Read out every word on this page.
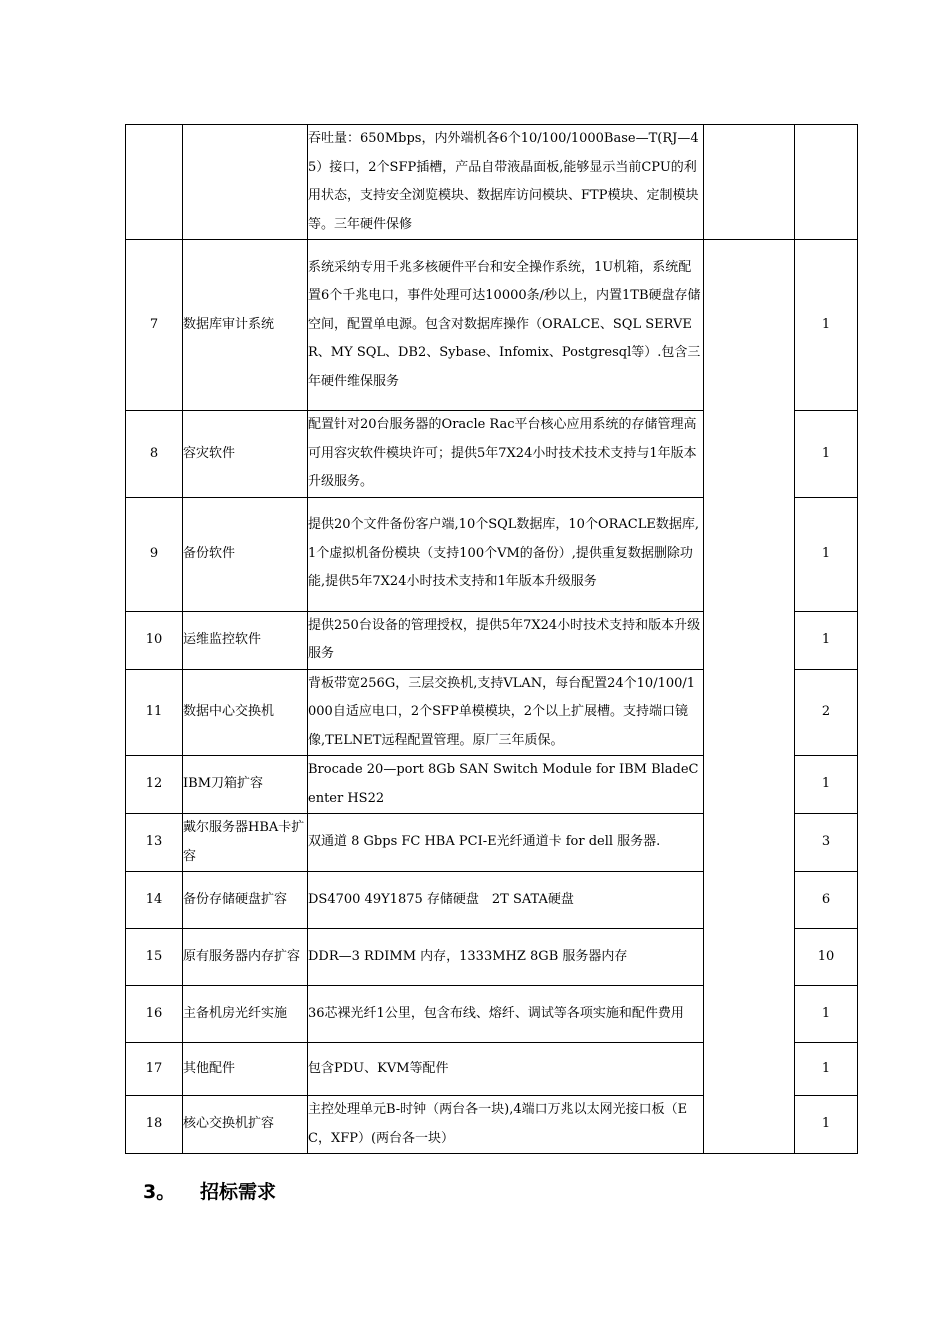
		吞吐量：650Mbps，内外端机各6个10/100/1000Base—T(RJ—45）接口，2个SFP插槽，产品自带液晶面板,能够显示当前CPU的利用状态，支持安全浏览模块、数据库访问模块、FTP模块、定制模块等。三年硬件保修		
7	数据库审计系统	系统采纳专用千兆多核硬件平台和安全操作系统，1U机箱，系统配置6个千兆电口，事件处理可达10000条/秒以上，内置1TB硬盘存储空间，配置单电源。包含对数据库操作（ORALCE、SQL SERVER、MY SQL、DB2、Sybase、Infomix、Postgresql等）.包含三年硬件维保服务		1
8	容灾软件	配置针对20台服务器的Oracle Rac平台核心应用系统的存储管理高可用容灾软件模块许可；提供5年7X24小时技术技术支持与1年版本升级服务。		1
9	备份软件	提供20个文件备份客户端,10个SQL数据库，10个ORACLE数据库,1个虚拟机备份模块（支持100个VM的备份）,提供重复数据删除功能,提供5年7X24小时技术支持和1年版本升级服务		1
10	运维监控软件	提供250台设备的管理授权，提供5年7X24小时技术支持和版本升级服务		1
11	数据中心交换机	背板带宽256G，三层交换机,支持VLAN，每台配置24个10/100/1000自适应电口，2个SFP单模模块，2个以上扩展槽。支持端口镜像,TELNET远程配置管理。原厂三年质保。		2
12	IBM刀箱扩容	Brocade 20—port 8Gb SAN Switch Module for IBM BladeCenter HS22		1
13	戴尔服务器HBA卡扩容	双通道 8 Gbps FC HBA PCI-E光纤通道卡 for dell 服务器.		3
14	备份存储硬盘扩容	DS4700 49Y1875 存储硬盘　2T SATA硬盘		6
15	原有服务器内存扩容	DDR—3 RDIMM 内存，1333MHZ 8GB 服务器内存		10
16	主备机房光纤实施	36芯裸光纤1公里，包含布线、熔纤、调试等各项实施和配件费用		1
17	其他配件	包含PDU、KVM等配件		1
18	核心交换机扩容	主控处理单元B-时钟（两台各一块),4端口万兆以太网光接口板（EC，XFP）(两台各一块）		1
3。 招标需求
